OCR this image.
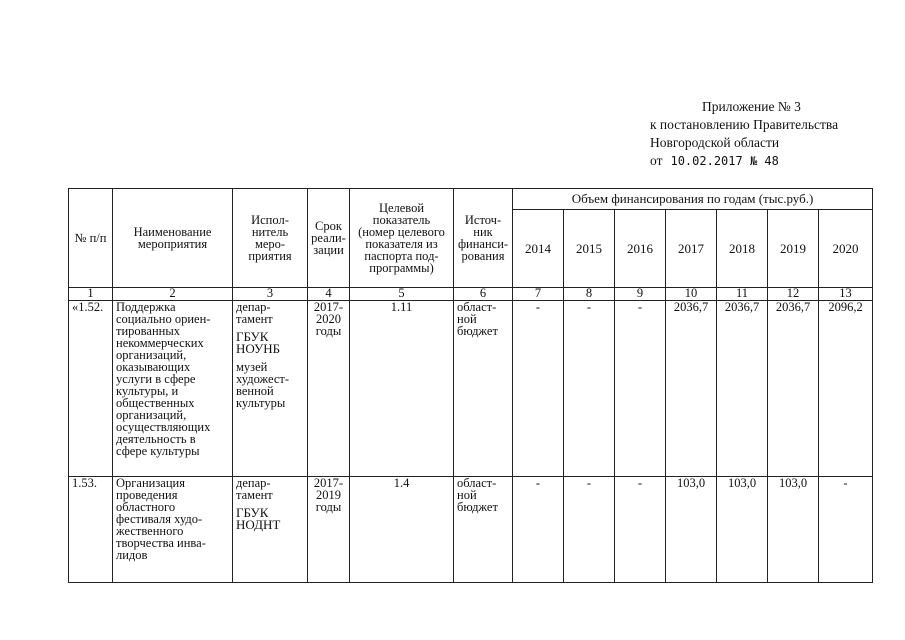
Приложение № 3
к постановлению Правительства
Новгородской области
от 10.02.2017 № 48
№ п/п	Наименование мероприятия	Испол-нитель меро-приятия	Срок реали-зации	Целевой показатель (номер целевого показателя из паспорта под-программы)	Источ-ник финанси-рования	Объем финансирования по годам (тыс.руб.)						
						2014	2015	2016	2017	2018	2019	2020
1	2	3	4	5	6	7	8	9	10	11	12	13
«1.52.	Поддержка социально ориен-тированных некоммерческих организаций, оказывающих услуги в сфере культуры, и общественных организаций, осуществляющих деятельность в сфере культуры	депар-тамент
ГБУК НОУНБ
музей художест-венной культуры	2017-2020 годы	1.11	област-ной бюджет	-	-	-	2036,7	2036,7	2036,7	2096,2
1.53.	Организация проведения областного фестиваля худо-жественного творчества инва-лидов	депар-тамент
ГБУК НОДНТ	2017-2019 годы	1.4	област-ной бюджет	-	-	-	103,0	103,0	103,0	-
